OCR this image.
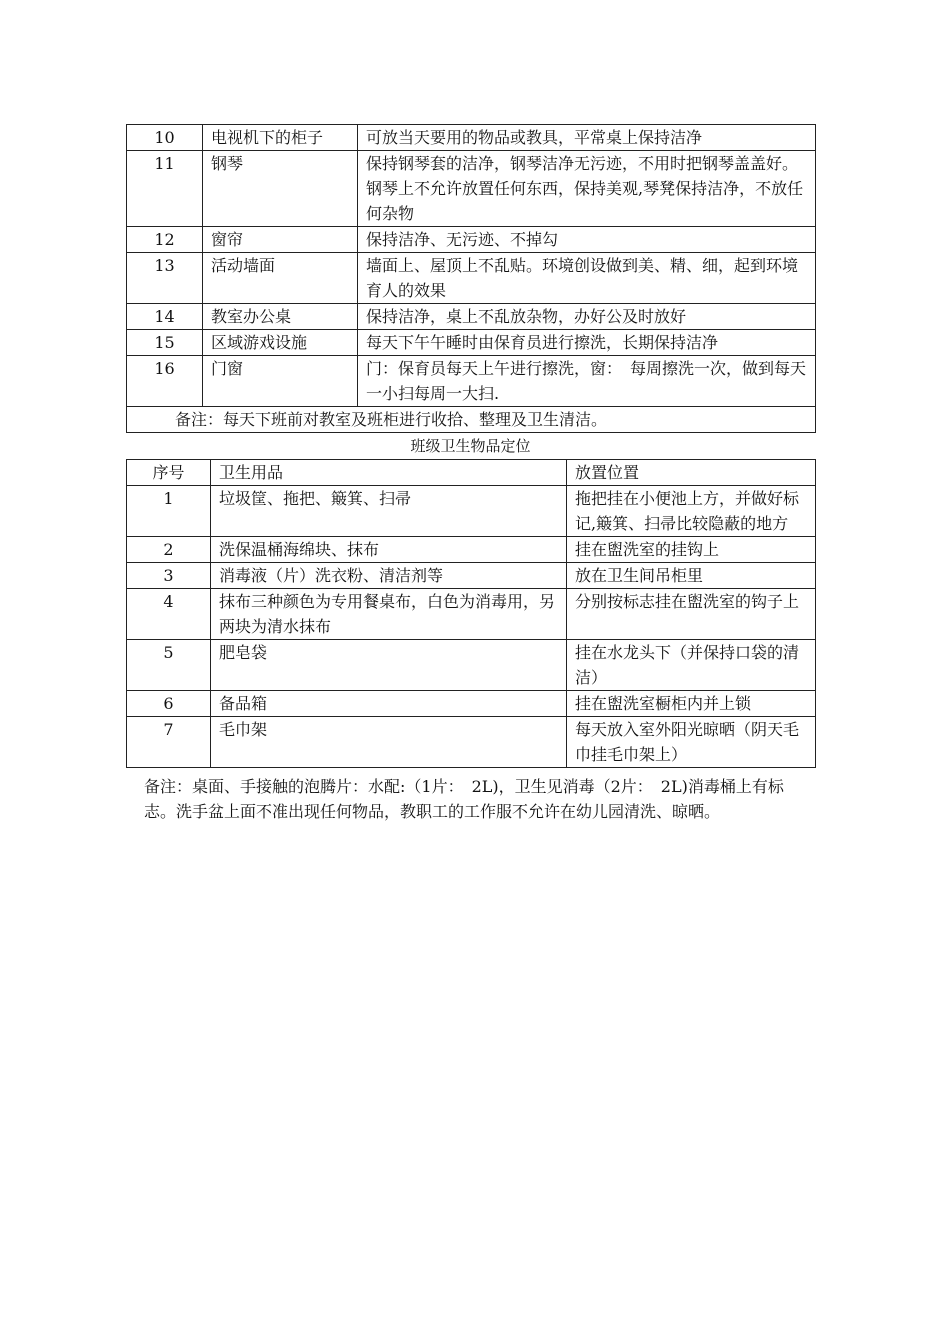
10	电视机下的柜子	可放当天要用的物品或教具，平常桌上保持洁净
11	钢琴	保持钢琴套的洁净，钢琴洁净无污迹，不用时把钢琴盖盖好。钢琴上不允许放置任何东西，保持美观,琴凳保持洁净，不放任何杂物
12	窗帘	保持洁净、无污迹、不掉勾
13	活动墙面	墙面上、屋顶上不乱贴。环境创设做到美、精、细，起到环境育人的效果
14	教室办公桌	保持洁净，桌上不乱放杂物，办好公及时放好
15	区域游戏设施	每天下午午睡时由保育员进行擦洗，长期保持洁净
16	门窗	门：保育员每天上午进行擦洗，窗：　每周擦洗一次，做到每天一小扫每周一大扫.
备注：每天下班前对教室及班柜进行收拾、整理及卫生清洁。		
班级卫生物品定位
序号	卫生用品	放置位置
1	垃圾筐、拖把、簸箕、扫帚	拖把挂在小便池上方，并做好标记,簸箕、扫帚比较隐蔽的地方
2	洗保温桶海绵块、抹布	挂在盥洗室的挂钩上
3	消毒液（片）洗衣粉、清洁剂等	放在卫生间吊柜里
4	抹布三种颜色为专用餐桌布，白色为消毒用，另两块为清水抹布	分别按标志挂在盥洗室的钩子上
5	肥皂袋	挂在水龙头下（并保持口袋的清洁）
6	备品箱	挂在盥洗室橱柜内并上锁
7	毛巾架	每天放入室外阳光晾晒（阴天毛巾挂毛巾架上）
备注：桌面、手接触的泡腾片：水配:（1片：　2L)，卫生见消毒（2片：　2L)消毒桶上有标志。洗手盆上面不准出现任何物品，教职工的工作服不允许在幼儿园清洗、晾晒。
